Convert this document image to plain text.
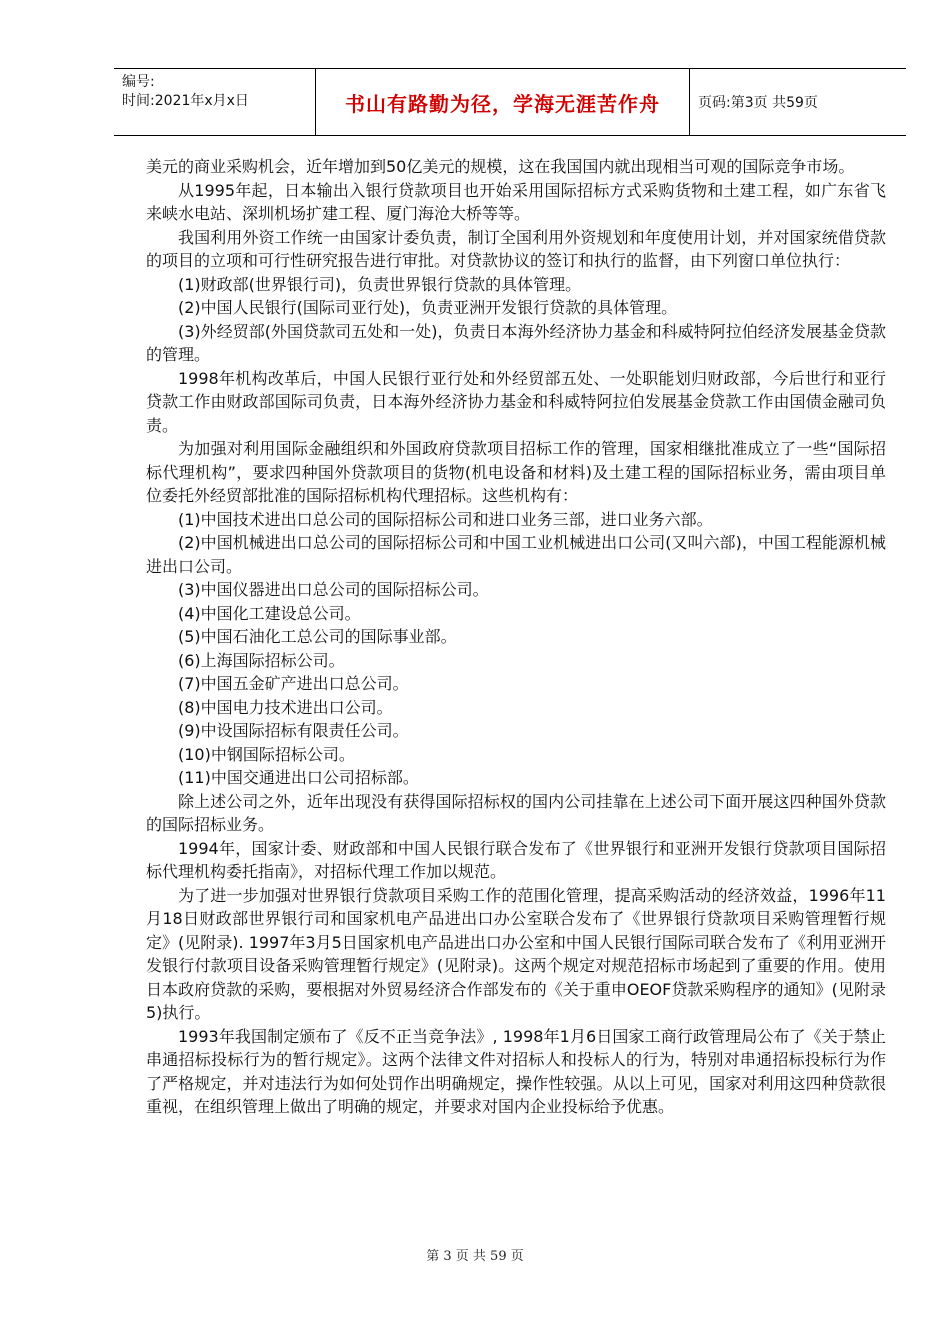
编号:
时间:2021年x月x日	书山有路勤为径，学海无涯苦作舟	页码:第3页 共59页

美元的商业采购机会，近年增加到50亿美元的规模，这在我国国内就出现相当可观的国际竞争市场。

从1995年起，日本输出入银行贷款项目也开始采用国际招标方式采购货物和土建工程，如广东省飞来峡水电站、深圳机场扩建工程、厦门海沧大桥等等。

我国利用外资工作统一由国家计委负责，制订全国利用外资规划和年度使用计划，并对国家统借贷款的项目的立项和可行性研究报告进行审批。对贷款协议的签订和执行的监督，由下列窗口单位执行：

(1)财政部(世界银行司)，负责世界银行贷款的具体管理。

(2)中国人民银行(国际司亚行处)，负责亚洲开发银行贷款的具体管理。

(3)外经贸部(外国贷款司五处和一处)，负责日本海外经济协力基金和科威特阿拉伯经济发展基金贷款的管理。

1998年机构改革后，中国人民银行亚行处和外经贸部五处、一处职能划归财政部，今后世行和亚行贷款工作由财政部国际司负责，日本海外经济协力基金和科威特阿拉伯发展基金贷款工作由国债金融司负责。

为加强对利用国际金融组织和外国政府贷款项目招标工作的管理，国家相继批准成立了一些“国际招标代理机构”，要求四种国外贷款项目的货物(机电设备和材料)及土建工程的国际招标业务，需由项目单位委托外经贸部批准的国际招标机构代理招标。这些机构有：

(1)中国技术进出口总公司的国际招标公司和进口业务三部，进口业务六部。

(2)中国机械进出口总公司的国际招标公司和中国工业机械进出口公司(又叫六部)，中国工程能源机械进出口公司。

(3)中国仪器进出口总公司的国际招标公司。

(4)中国化工建设总公司。

(5)中国石油化工总公司的国际事业部。

(6)上海国际招标公司。

(7)中国五金矿产进出口总公司。

(8)中国电力技术进出口公司。

(9)中设国际招标有限责任公司。

(10)中钢国际招标公司。

(11)中国交通进出口公司招标部。

除上述公司之外，近年出现没有获得国际招标权的国内公司挂靠在上述公司下面开展这四种国外贷款的国际招标业务。

1994年，国家计委、财政部和中国人民银行联合发布了《世界银行和亚洲开发银行贷款项目国际招标代理机构委托指南》，对招标代理工作加以规范。

为了进一步加强对世界银行贷款项目采购工作的范围化管理，提高采购活动的经济效益，1996年11月18日财政部世界银行司和国家机电产品进出口办公室联合发布了《世界银行贷款项目采购管理暂行规定》(见附录). 1997年3月5日国家机电产品进出口办公室和中国人民银行国际司联合发布了《利用亚洲开发银行付款项目设备采购管理暂行规定》(见附录)。这两个规定对规范招标市场起到了重要的作用。使用日本政府贷款的采购，要根据对外贸易经济合作部发布的《关于重申OEOF贷款采购程序的通知》(见附录5)执行。

1993年我国制定颁布了《反不正当竞争法》, 1998年1月6日国家工商行政管理局公布了《关于禁止串通招标投标行为的暂行规定》。这两个法律文件对招标人和投标人的行为，特别对串通招标投标行为作了严格规定，并对违法行为如何处罚作出明确规定，操作性较强。从以上可见，国家对利用这四种贷款很重视，在组织管理上做出了明确的规定，并要求对国内企业投标给予优惠。

第 3 页 共 59 页
